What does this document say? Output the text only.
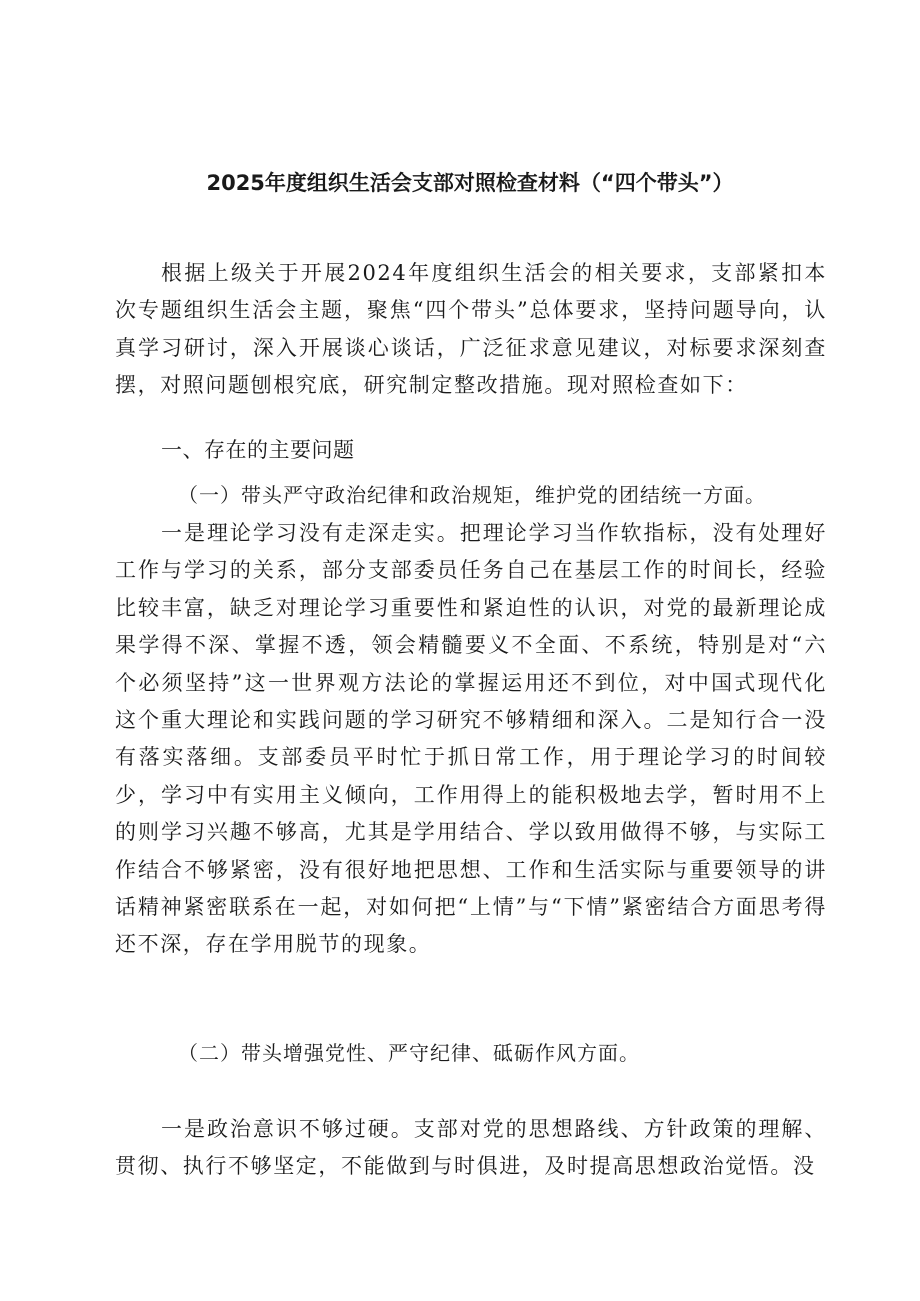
2025年度组织生活会支部对照检查材料（“四个带头”）

根据上级关于开展2024年度组织生活会的相关要求，支部紧扣本次专题组织生活会主题，聚焦“四个带头”总体要求，坚持问题导向，认真学习研讨，深入开展谈心谈话，广泛征求意见建议，对标要求深刻查摆，对照问题刨根究底，研究制定整改措施。现对照检查如下：

一、存在的主要问题
（一）带头严守政治纪律和政治规矩，维护党的团结统一方面。

一是理论学习没有走深走实。把理论学习当作软指标，没有处理好工作与学习的关系，部分支部委员任务自己在基层工作的时间长，经验比较丰富，缺乏对理论学习重要性和紧迫性的认识，对党的最新理论成果学得不深、掌握不透，领会精髓要义不全面、不系统，特别是对“六个必须坚持”这一世界观方法论的掌握运用还不到位，对中国式现代化这个重大理论和实践问题的学习研究不够精细和深入。二是知行合一没有落实落细。支部委员平时忙于抓日常工作，用于理论学习的时间较少，学习中有实用主义倾向，工作用得上的能积极地去学，暂时用不上的则学习兴趣不够高，尤其是学用结合、学以致用做得不够，与实际工作结合不够紧密，没有很好地把思想、工作和生活实际与重要领导的讲话精神紧密联系在一起，对如何把“上情”与“下情”紧密结合方面思考得还不深，存在学用脱节的现象。

（二）带头增强党性、严守纪律、砥砺作风方面。

一是政治意识不够过硬。支部对党的思想路线、方针政策的理解、贯彻、执行不够坚定，不能做到与时俱进，及时提高思想政治觉悟。没
